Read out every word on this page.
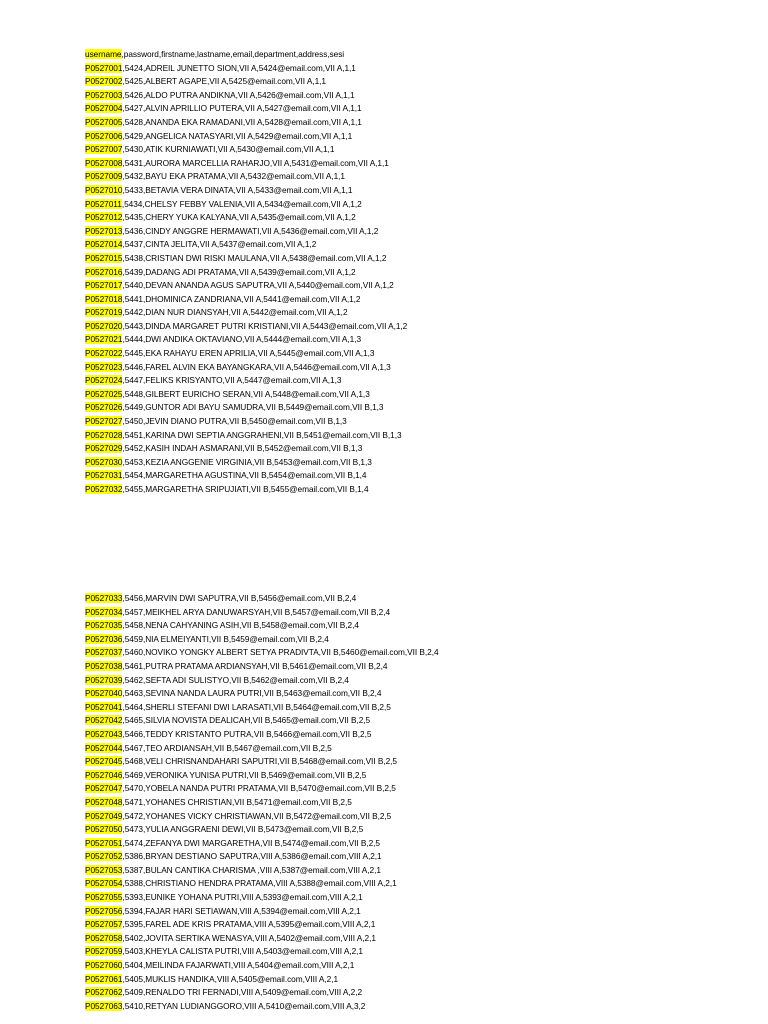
username,password,firstname,lastname,email,department,address,sesi
P0527001,5424,ADREIL JUNETTO SION,VII A,5424@email.com,VII A,1,1
P0527002,5425,ALBERT AGAPE,VII A,5425@email.com,VII A,1,1
P0527003,5426,ALDO PUTRA ANDIKNA,VII A,5426@email.com,VII A,1,1
P0527004,5427,ALVIN APRILLIO PUTERA,VII A,5427@email.com,VII A,1,1
P0527005,5428,ANANDA EKA RAMADANI,VII A,5428@email.com,VII A,1,1
P0527006,5429,ANGELICA NATASYARI,VII A,5429@email.com,VII A,1,1
P0527007,5430,ATIK KURNIAWATI,VII A,5430@email.com,VII A,1,1
P0527008,5431,AURORA MARCELLIA RAHARJO,VII A,5431@email.com,VII A,1,1
P0527009,5432,BAYU EKA PRATAMA,VII A,5432@email.com,VII A,1,1
P0527010,5433,BETAVIA VERA DINATA,VII A,5433@email.com,VII A,1,1
P0527011,5434,CHELSY FEBBY VALENIA,VII A,5434@email.com,VII A,1,2
P0527012,5435,CHERY YUKA KALYANA,VII A,5435@email.com,VII A,1,2
P0527013,5436,CINDY ANGGRE HERMAWATI,VII A,5436@email.com,VII A,1,2
P0527014,5437,CINTA JELITA,VII A,5437@email.com,VII A,1,2
P0527015,5438,CRISTIAN DWI RISKI MAULANA,VII A,5438@email.com,VII A,1,2
P0527016,5439,DADANG ADI PRATAMA,VII A,5439@email.com,VII A,1,2
P0527017,5440,DEVAN ANANDA AGUS SAPUTRA,VII A,5440@email.com,VII A,1,2
P0527018,5441,DHOMINICA ZANDRIANA,VII A,5441@email.com,VII A,1,2
P0527019,5442,DIAN NUR DIANSYAH,VII A,5442@email.com,VII A,1,2
P0527020,5443,DINDA MARGARET PUTRI KRISTIANI,VII A,5443@email.com,VII A,1,2
P0527021,5444,DWI ANDIKA OKTAVIANO,VII A,5444@email.com,VII A,1,3
P0527022,5445,EKA RAHAYU EREN APRILIA,VII A,5445@email.com,VII A,1,3
P0527023,5446,FAREL ALVIN EKA BAYANGKARA,VII A,5446@email.com,VII A,1,3
P0527024,5447,FELIKS KRISYANTO,VII A,5447@email.com,VII A,1,3
P0527025,5448,GILBERT EURICHO SERAN,VII A,5448@email.com,VII A,1,3
P0527026,5449,GUNTOR ADI BAYU SAMUDRA,VII B,5449@email.com,VII B,1,3
P0527027,5450,JEVIN DIANO PUTRA,VII B,5450@email.com,VII B,1,3
P0527028,5451,KARINA DWI SEPTIA ANGGRAHENI,VII B,5451@email.com,VII B,1,3
P0527029,5452,KASIH INDAH ASMARANI,VII B,5452@email.com,VII B,1,3
P0527030,5453,KEZIA ANGGENIE VIRGINIA,VII B,5453@email.com,VII B,1,3
P0527031,5454,MARGARETHA AGUSTINA,VII B,5454@email.com,VII B,1,4
P0527032,5455,MARGARETHA SRIPUJIATI,VII B,5455@email.com,VII B,1,4
P0527033,5456,MARVIN DWI SAPUTRA,VII B,5456@email.com,VII B,2,4
P0527034,5457,MEIKHEL ARYA DANUWARSYAH,VII B,5457@email.com,VII B,2,4
P0527035,5458,NENA CAHYANING ASIH,VII B,5458@email.com,VII B,2,4
P0527036,5459,NIA ELMEIYANTI,VII B,5459@email.com,VII B,2,4
P0527037,5460,NOVIKO YONGKY ALBERT SETYA PRADIVTA,VII B,5460@email.com,VII B,2,4
P0527038,5461,PUTRA PRATAMA ARDIANSYAH,VII B,5461@email.com,VII B,2,4
P0527039,5462,SEFTA ADI SULISTYO,VII B,5462@email.com,VII B,2,4
P0527040,5463,SEVINA NANDA LAURA PUTRI,VII B,5463@email.com,VII B,2,4
P0527041,5464,SHERLI STEFANI DWI LARASATI,VII B,5464@email.com,VII B,2,5
P0527042,5465,SILVIA NOVISTA DEALICAH,VII B,5465@email.com,VII B,2,5
P0527043,5466,TEDDY KRISTANTO PUTRA,VII B,5466@email.com,VII B,2,5
P0527044,5467,TEO ARDIANSAH,VII B,5467@email.com,VII B,2,5
P0527045,5468,VELI CHRISNANDAHARI SAPUTRI,VII B,5468@email.com,VII B,2,5
P0527046,5469,VERONIKA YUNISA PUTRI,VII B,5469@email.com,VII B,2,5
P0527047,5470,YOBELA NANDA PUTRI PRATAMA,VII B,5470@email.com,VII B,2,5
P0527048,5471,YOHANES CHRISTIAN,VII B,5471@email.com,VII B,2,5
P0527049,5472,YOHANES VICKY CHRISTIAWAN,VII B,5472@email.com,VII B,2,5
P0527050,5473,YULIA ANGGRAENI DEWI,VII B,5473@email.com,VII B,2,5
P0527051,5474,ZEFANYA DWI MARGARETHA,VII B,5474@email.com,VII B,2,5
P0527052,5386,BRYAN DESTIANO SAPUTRA,VIII A,5386@email.com,VIII A,2,1
P0527053,5387,BULAN CANTIKA CHARISMA ,VIII A,5387@email.com,VIII A,2,1
P0527054,5388,CHRISTIANO HENDRA PRATAMA,VIII A,5388@email.com,VIII A,2,1
P0527055,5393,EUNIKE YOHANA PUTRI,VIII A,5393@email.com,VIII A,2,1
P0527056,5394,FAJAR HARI SETIAWAN,VIII A,5394@email.com,VIII A,2,1
P0527057,5395,FAREL ADE KRIS PRATAMA,VIII A,5395@email.com,VIII A,2,1
P0527058,5402,JOVITA SERTIKA WENASYA,VIII A,5402@email.com,VIII A,2,1
P0527059,5403,KHEYLA CALISTA PUTRI,VIII A,5403@email.com,VIII A,2,1
P0527060,5404,MEILINDA FAJARWATI,VIII A,5404@email.com,VIII A,2,1
P0527061,5405,MUKLIS HANDIKA,VIII A,5405@email.com,VIII A,2,1
P0527062,5409,RENALDO TRI FERNADI,VIII A,5409@email.com,VIII A,2,2
P0527063,5410,RETYAN LUDIANGGORO,VIII A,5410@email.com,VIII A,3,2
